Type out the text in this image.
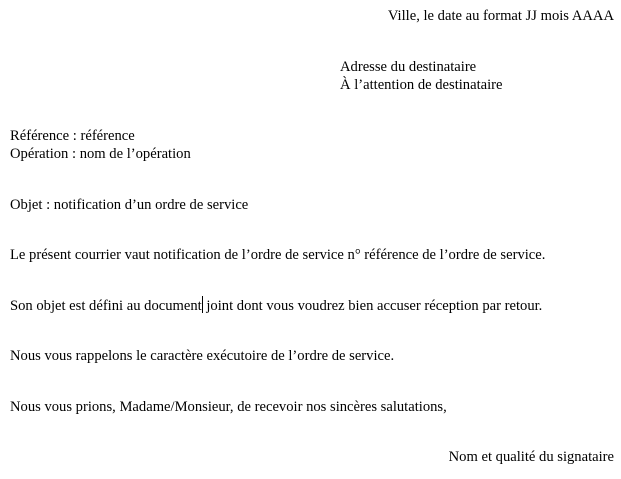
Ville, le date au format JJ mois AAAA
Adresse du destinataire
À l’attention de destinataire
Référence : référence
Opération : nom de l’opération
Objet : notification d’un ordre de service
Le présent courrier vaut notification de l’ordre de service n° référence de l’ordre de service.
Son objet est défini au document joint dont vous voudrez bien accuser réception par retour.
Nous vous rappelons le caractère exécutoire de l’ordre de service.
Nous vous prions, Madame/Monsieur, de recevoir nos sincères salutations,
Nom et qualité du signataire
